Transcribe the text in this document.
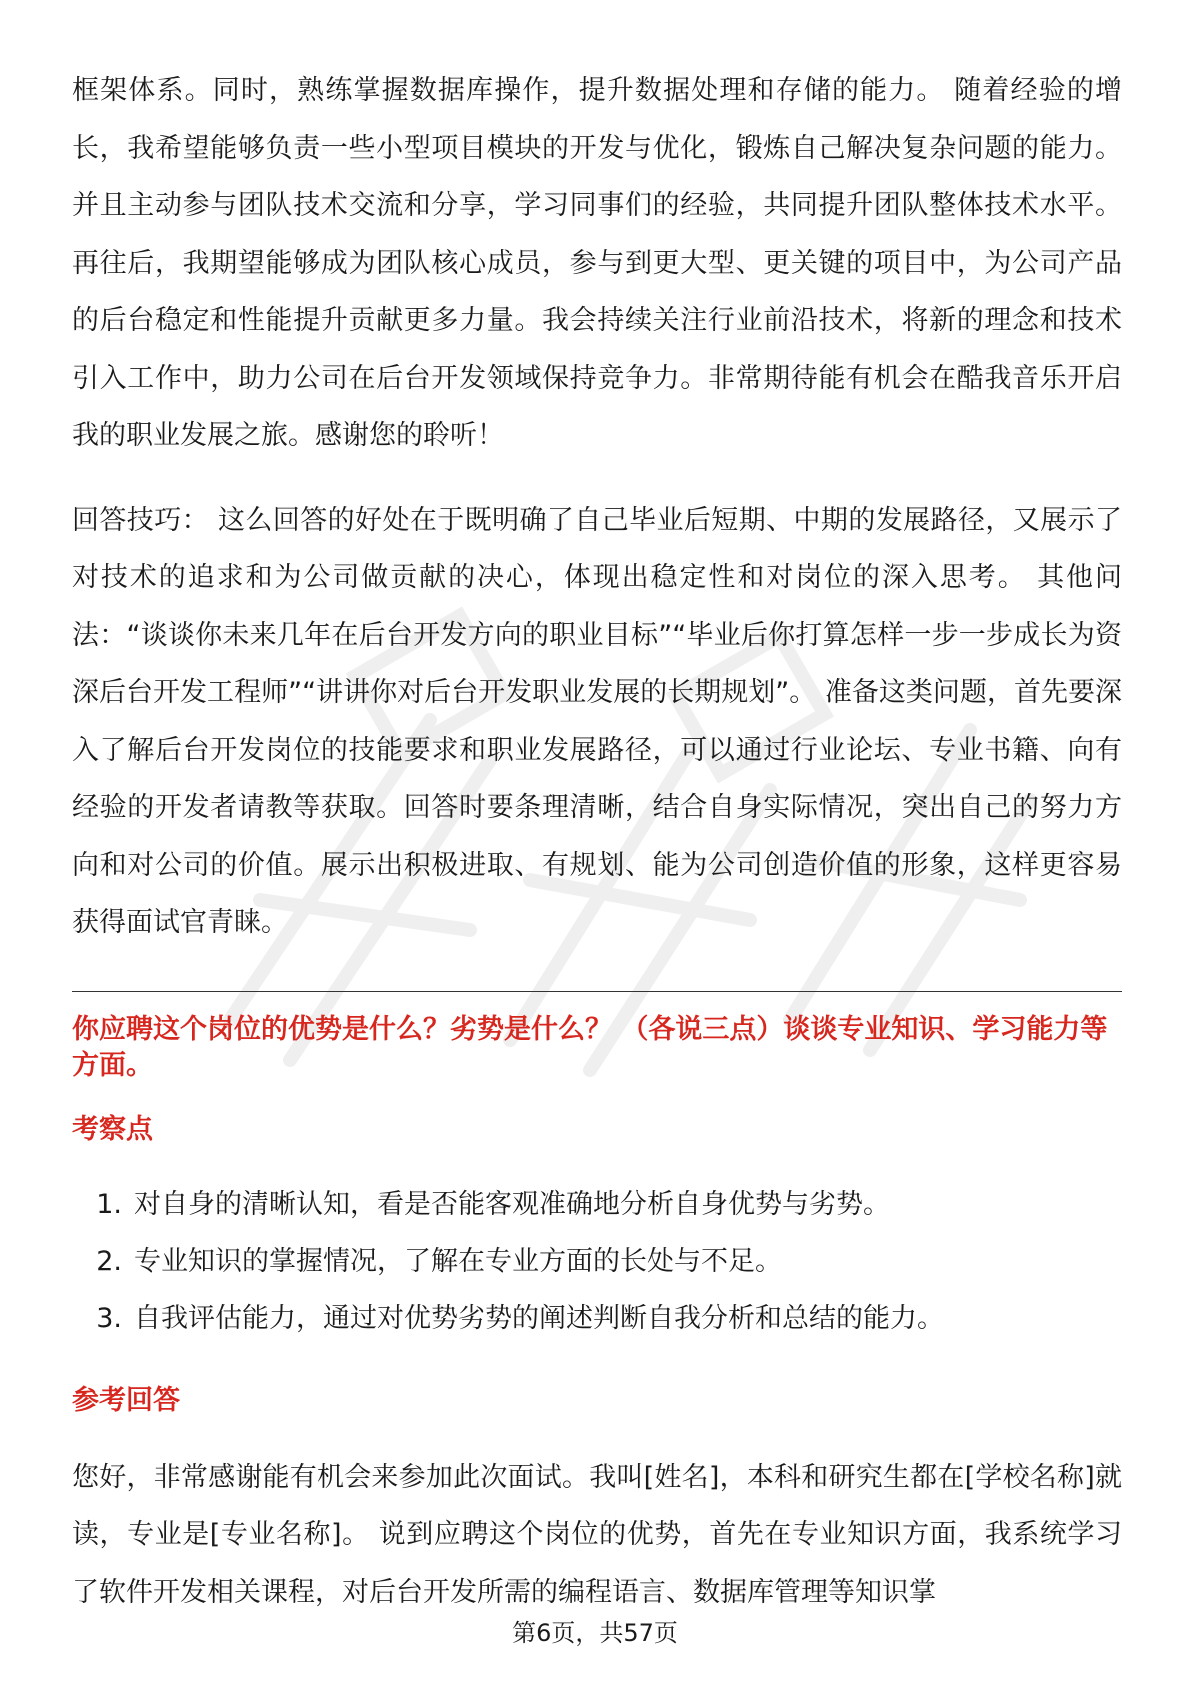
框架体系。同时，熟练掌握数据库操作，提升数据处理和存储的能力。 随着经验的增长，我希望能够负责一些小型项目模块的开发与优化，锻炼自己解决复杂问题的能力。并且主动参与团队技术交流和分享，学习同事们的经验，共同提升团队整体技术水平。 再往后，我期望能够成为团队核心成员，参与到更大型、更关键的项目中，为公司产品的后台稳定和性能提升贡献更多力量。我会持续关注行业前沿技术，将新的理念和技术引入工作中，助力公司在后台开发领域保持竞争力。非常期待能有机会在酷我音乐开启我的职业发展之旅。感谢您的聆听！

回答技巧： 这么回答的好处在于既明确了自己毕业后短期、中期的发展路径，又展示了对技术的追求和为公司做贡献的决心，体现出稳定性和对岗位的深入思考。 其他问法：“谈谈你未来几年在后台开发方向的职业目标”“毕业后你打算怎样一步一步成长为资深后台开发工程师”“讲讲你对后台开发职业发展的长期规划”。 准备这类问题，首先要深入了解后台开发岗位的技能要求和职业发展路径，可以通过行业论坛、专业书籍、向有经验的开发者请教等获取。回答时要条理清晰，结合自身实际情况，突出自己的努力方向和对公司的价值。展示出积极进取、有规划、能为公司创造价值的形象，这样更容易获得面试官青睐。

你应聘这个岗位的优势是什么？劣势是什么？ （各说三点）谈谈专业知识、学习能力等方面。

考察点

1. 对自身的清晰认知，看是否能客观准确地分析自身优势与劣势。
2. 专业知识的掌握情况，了解在专业方面的长处与不足。
3. 自我评估能力，通过对优势劣势的阐述判断自我分析和总结的能力。

参考回答

您好，非常感谢能有机会来参加此次面试。我叫[姓名]，本科和研究生都在[学校名称]就读，专业是[专业名称]。 说到应聘这个岗位的优势，首先在专业知识方面，我系统学习了软件开发相关课程，对后台开发所需的编程语言、数据库管理等知识掌

第6页，共57页
